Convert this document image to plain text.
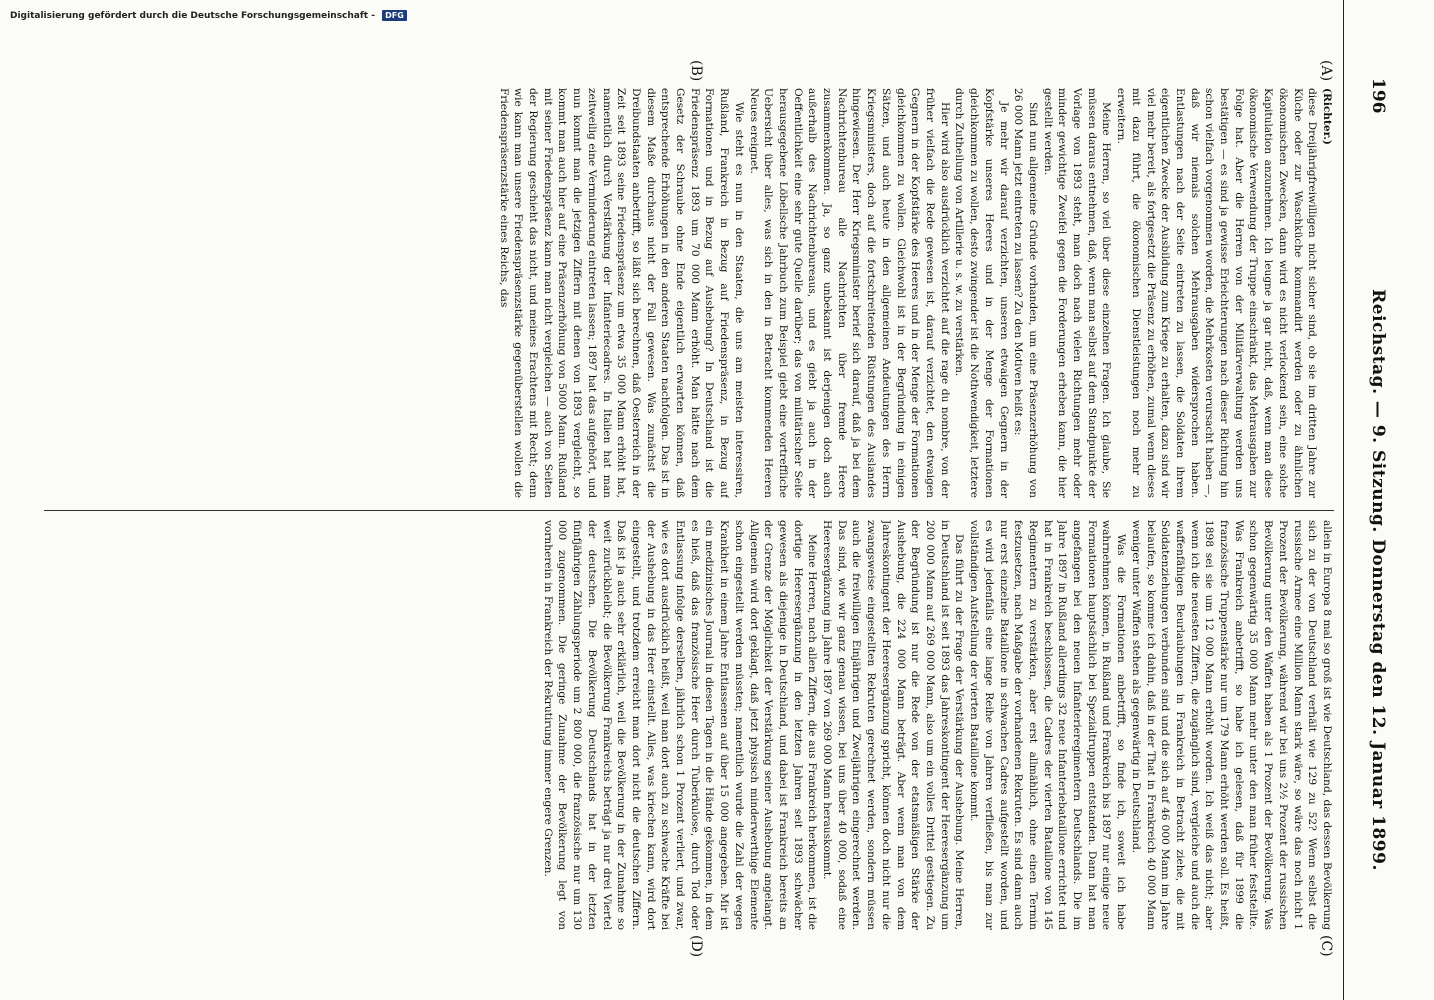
196
Reichstag. — 9. Sitzung. Donnerstag den 12. Januar 1899.
(A)
(B)
(C)
(D)

(Richter.)

diese Dreijährigfreiwilligen nicht sicher sind, ob sie im dritten Jahre zur Küche oder zur Waschküche kommandirt werden oder zu ähnlichen ökonomischen Zwecken, dann wird es nicht verlockend sein, eine solche Kapitulation anzunehmen. Ich leugne ja gar nicht, daß, wenn man diese ökonomische Verwendung der Truppe einschränkt, das Mehrausgaben zur Folge hat. Aber die Herren von der Militärverwaltung werden uns bestätigen — es sind ja gewisse Erleichterungen nach dieser Richtung hin schon vielfach vorgenommen worden, die Mehrkosten verursacht haben —, daß wir niemals solchen Mehrausgaben widersprochen haben. Entlastungen nach der Seite eintreten zu lassen, die Soldaten ihrem eigentlichen Zwecke der Ausbildung zum Kriege zu erhalten, dazu sind wir viel mehr bereit, als fortgesetzt die Präsenz zu erhöhen, zumal wenn dieses mit dazu führt, die ökonomischen Dienstleistungen noch mehr zu erweitern.

Meine Herren, so viel über diese einzelnen Fragen. Ich glaube, Sie müssen daraus entnehmen, daß, wenn man selbst auf dem Standpunkte der Vorlage von 1893 steht, man doch nach vielen Richtungen mehr oder minder gewichtige Zweifel gegen die Forderungen erheben kann, die hier gestellt werden.

Sind nun allgemeine Gründe vorhanden, um eine Präsenzerhöhung von 26 000 Mann jetzt eintreten zu lassen? Zu den Motiven heißt es:

Je mehr wir darauf verzichten, unseren etwaigen Gegnern in der Kopfstärke unseres Heeres und in der Menge der Formationen gleichkommen zu wollen, desto zwingender ist die Nothwendigkeit, letztere durch Zutheilung von Artillerie u. s. w. zu verstärken.

Hier wird also ausdrücklich verzichtet auf die rage du nombre, von der früher vielfach die Rede gewesen ist, darauf verzichtet, den etwaigen Gegnern in der Kopfstärke des Heeres und in der Menge der Formationen gleichkommen zu wollen. Gleichwohl ist in der Begründung in einigen Sätzen, und auch heute in den allgemeinen Andeutungen des Herrn Kriegsministers, doch auf die fortschreitenden Rüstungen des Auslandes hingewiesen. Der Herr Kriegsminister berief sich darauf, daß ja bei dem Nachrichtenbureau alle Nachrichten über fremde Heere zusammenkommen. Ja, so ganz unbekannt ist derjenigen doch auch außerhalb des Nachrichtenbureaus, und es giebt ja auch in der Oeffentlichkeit eine sehr gute Quelle darüber; das von militärischer Seite herausgegebene Löbellsche Jahrbuch zum Beispiel giebt eine vortreffliche Uebersicht über alles, was sich in den in Betracht kommenden Heeren Neues ereignet.

Wie steht es nun in den Staaten, die uns am meisten interessiren, Rußland, Frankreich in Bezug auf Friedenspräsenz, in Bezug auf Formationen und in Bezug auf Aushebung? In Deutschland ist die Friedenspräsenz 1893 um 70 000 Mann erhöht. Man hätte nach dem Gesetz der Schraube ohne Ende eigentlich erwarten können, daß entsprechende Erhöhungen in den anderen Staaten nachfolgen. Das ist in diesem Maße durchaus nicht der Fall gewesen. Was zunächst die Dreibundstaaten anbetrifft, so läßt sich berechnen, daß Oesterreich in der Zeit seit 1893 seine Friedenspräsenz um etwa 35 000 Mann erhöht hat, namentlich durch Verstärkung der Infanteriecadres. In Italien hat man zeitweilig eine Verminderung eintreten lassen; 1897 hat das aufgehört, und nun kommt man die jetzigen Ziffern mit denen von 1893 vergleicht, so kommt man auch hier auf eine Präsenzerhöhung von 5000 Mann. Rußland mit seiner Friedenspräsenz kann man nicht vergleichen — auch von Seiten der Regierung geschieht das nicht, und meines Erachtens mit Recht; denn wie kann man unsere Friedenspräsenzstärke gegenüberstellen wollen die Friedenspräsenzstärke eines Reichs, das

allein in Europa 8 mal so groß ist wie Deutschland, das dessen Bevölkerung sich zu der von Deutschland verhält wie 129 zu 52? Wenn selbst die russische Armee eine Million Mann stark wäre, so wäre das noch nicht 1 Prozent der Bevölkerung, während wir bei uns 2½ Prozent der russischen Bevölkerung unter den Waffen haben als 1 Prozent der Bevölkerung. Was schon gegenwärtig 35 000 Mann mehr unter den man früher feststellte. Was Frankreich anbetrifft, so habe ich gelesen, daß für 1899 die französische Truppenstärke nur um 179 Mann erhöht werden soll. Es heißt, 1898 sei sie um 12 000 Mann erhöht worden. Ich weiß das nicht; aber wenn ich die neuesten Ziffern, die zugänglich sind, vergleiche und auch die waffenfähigen Beurlaubungen in Frankreich in Betracht ziehe, die mit Soldatenziehungen verbunden sind und die sich auf 46 000 Mann im Jahre belaufen, so komme ich dahin, daß in der That in Frankreich 40 000 Mann weniger unter Waffen stehen als gegenwärtig in Deutschland.

Was die Formationen anbetrifft, so finde ich, soweit ich habe wahrnehmen können, in Rußland und Frankreich bis 1897 nur einige neue Formationen hauptsächlich bei Spezialtruppen entstanden. Dann hat man angefangen bei den neuen Infanterieregimentern Deutschlands. Die im Jahre 1897 in Rußland allerdings 32 neue Infanteriebataillone errichtet und hat in Frankreich beschlossen, die Cadres der vierten Bataillone von 145 Regimentern zu verstärken, aber erst allmählich, ohne einen Termin festzusetzen, nach Maßgabe der vorhandenen Rekruten. Es sind dann auch nur erst einzelne Bataillone in schwachen Cadres aufgestellt worden, und es wird jedenfalls eine lange Reihe von Jahren verfließen, bis man zur vollständigen Aufstellung der vierten Bataillone kommt.

Das führt zu der Frage der Verstärkung der Aushebung. Meine Herren, in Deutschland ist seit 1893 das Jahreskontingent der Heeresergänzung um 200 000 Mann auf 269 000 Mann, also um ein volles Drittel gestiegen. Zu der Begründung ist nur die Rede von der etatsmäßigen Stärke der Aushebung, die 224 000 Mann beträgt. Aber wenn man von dem Jahreskontingent der Heeresergänzung spricht, können doch nicht nur die zwangsweise eingestellten Rekruten gerechnet werden, sondern müssen auch die freiwilligen Einjährigen und Zweijährigen eingerechnet werden. Das sind, wie wir ganz genau wissen, bei uns über 40 000, sodaß eine Heeresergänzung im Jahre 1897 von 269 000 Mann herauskommt.

Meine Herren, nach allen Ziffern, die aus Frankreich herkommen, ist die dortige Heeresergänzung in den letzten Jahren seit 1893 schwächer gewesen als diejenige in Deutschland, und dabei ist Frankreich bereits an der Grenze der Möglichkeit der Verstärkung seiner Aushebung angelangt. Allgemein wird dort geklagt, daß jetzt physisch minderwerthige Elemente schon eingestellt werden müssten; namentlich wurde die Zahl der wegen Krankheit in einem Jahre Entlassenen auf über 15 000 angegeben. Mir ist ein medizinisches Journal in diesen Tagen in die Hände gekommen, in dem es hieß, daß das französische Heer durch Tuberkulose, durch Tod oder Entlassung infolge derselben, jährlich schon 1 Prozent verliert, und zwar, wie es dort ausdrücklich heißt, weil man dort auch zu schwache Kräfte bei der Aushebung in das Heer einstellt. Alles, was kriechen kann, wird dort eingestellt, und trotzdem erreicht man dort nicht die deutschen Ziffern. Daß ist ja auch sehr erklärlich, weil die Bevölkerung in der Zunahme so weit zurückbleibt; die Bevölkerung Frankreichs beträgt ja nur drei Viertel der deutschen. Die Bevölkerung Deutschlands hat in der letzten fünfjährigen Zählungsperiode um 2 800 000, die französische nur um 130 000 zugenommen. Die geringe Zunahme der Bevölkerung legt von vornherein in Frankreich der Rekrutirung immer engere Grenzen.

Digitalisierung gefördert durch die Deutsche Forschungsgemeinschaft - DFG
